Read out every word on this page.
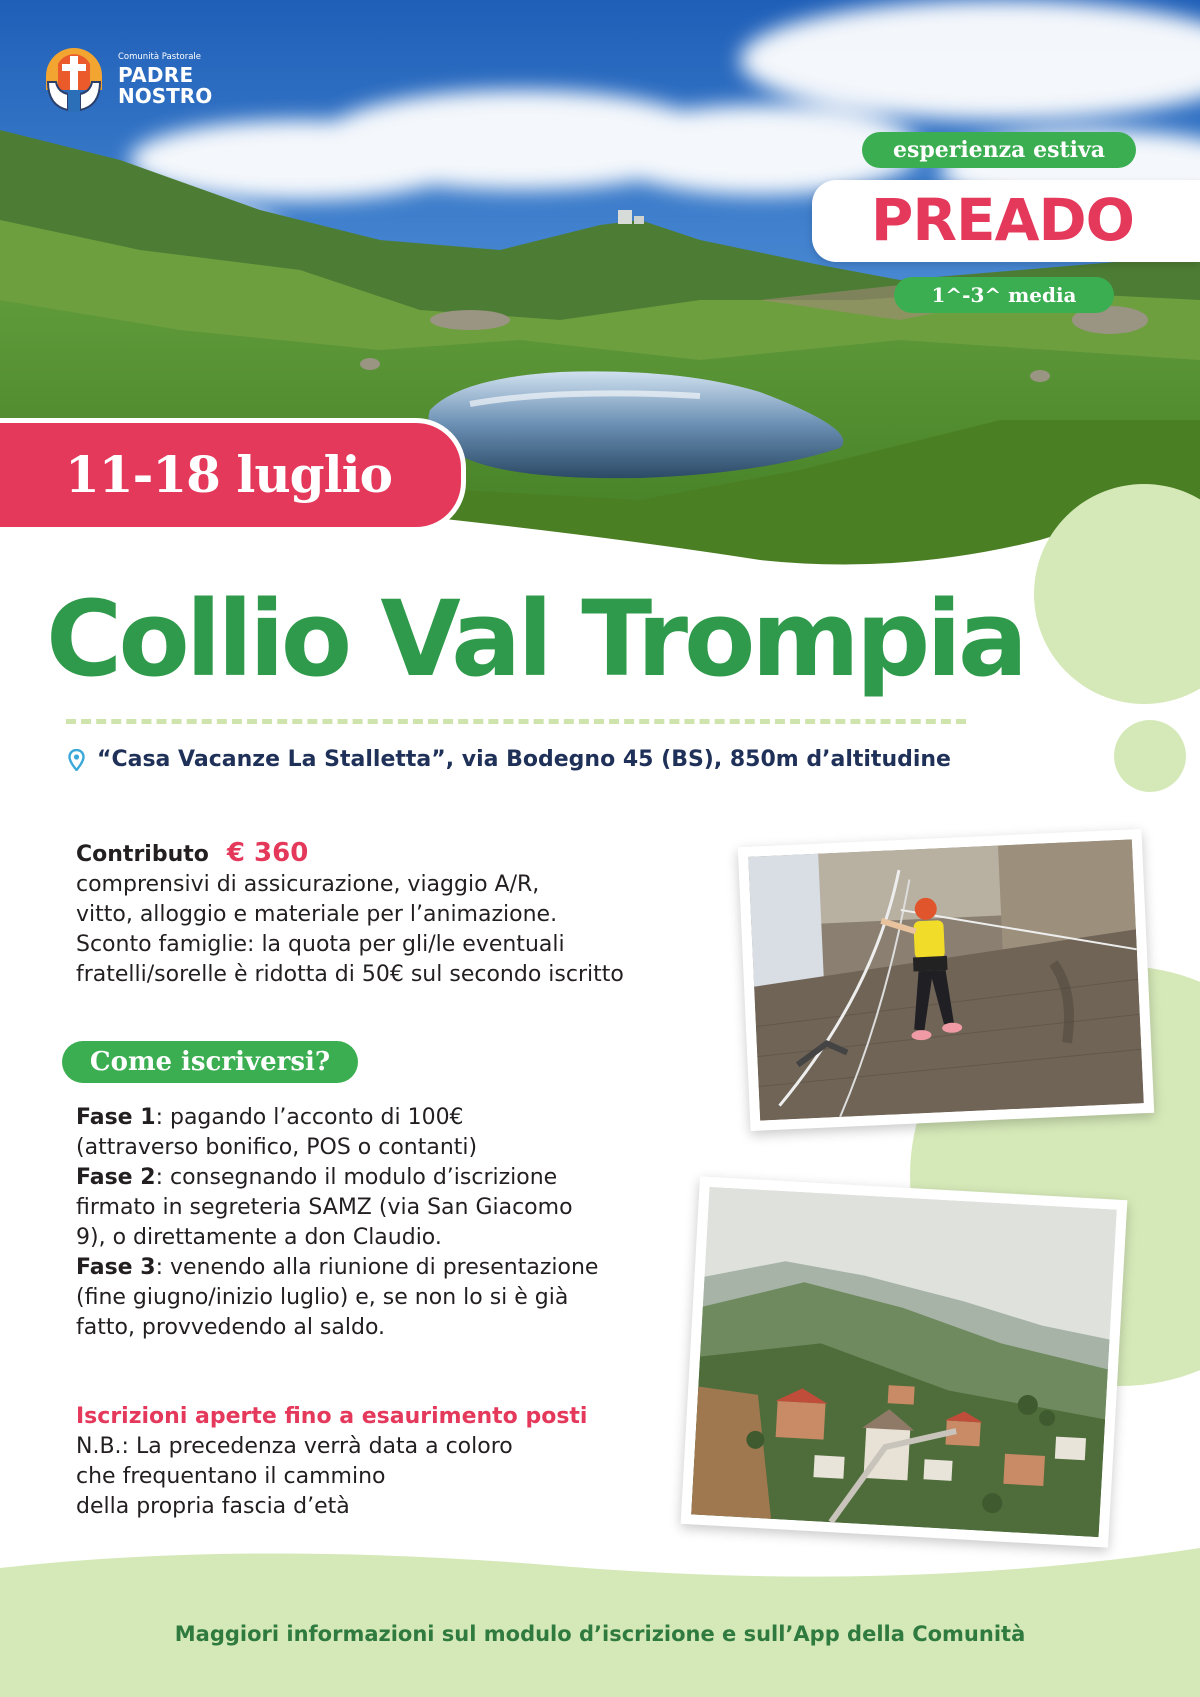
Comunità Pastorale
PADRE
NOSTRO
esperienza estiva
PREADO
1^-3^ media
11-18 luglio
Collio Val Trompia
“Casa Vacanze La Stalletta”, via Bodegno 45 (BS), 850m d’altitudine
Contributo € 360

comprensivi di assicurazione, viaggio A/R,

vitto, alloggio e materiale per l’animazione.

Sconto famiglie: la quota per gli/le eventuali

fratelli/sorelle è ridotta di 50€ sul secondo iscritto

Come iscriversi?

Fase 1: pagando l’acconto di 100€

(attraverso bonifico, POS o contanti)

Fase 2: consegnando il modulo d’iscrizione

firmato in segreteria SAMZ (via San Giacomo

9), o direttamente a don Claudio.

Fase 3: venendo alla riunione di presentazione

(fine giugno/inizio luglio) e, se non lo si è già

fatto, provvedendo al saldo.

Iscrizioni aperte fino a esaurimento posti

N.B.: La precedenza verrà data a coloro

che frequentano il cammino

della propria fascia d’età

Maggiori informazioni sul modulo d’iscrizione e sull’App della Comunità
